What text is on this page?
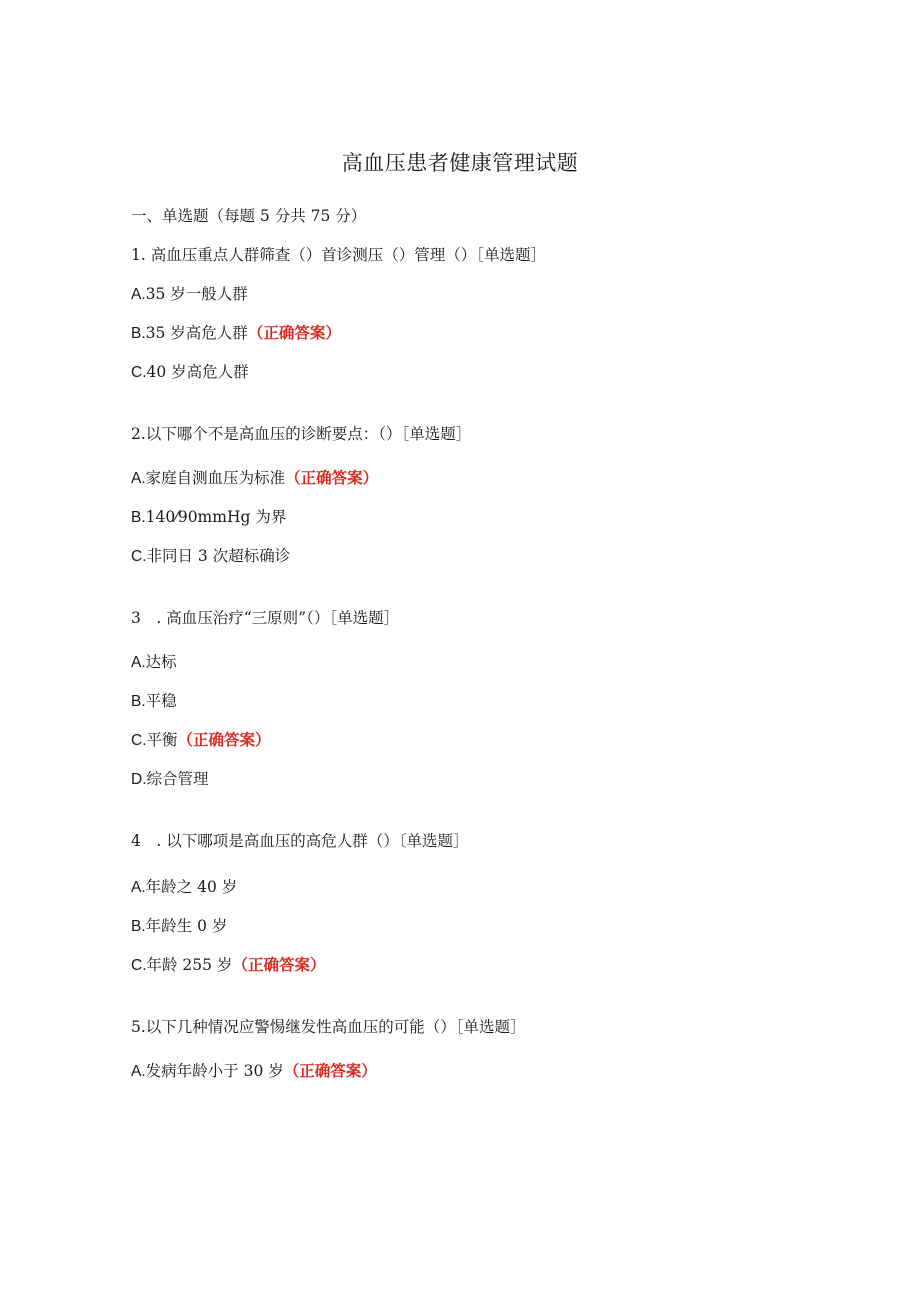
高血压患者健康管理试题
一、单选题（每题 5 分共 75 分）
1. 高血压重点人群筛查（）首诊测压（）管理（）［单选题］
A.35 岁一般人群
B.35 岁高危人群（正确答案）
C.40 岁高危人群
2.以下哪个不是高血压的诊断要点：（）［单选题］
A.家庭自测血压为标准（正确答案）
B.140⁄90mmHg 为界
C.非同日 3 次超标确诊
3　. 高血压治疗“三原则”（）［单选题］
A.达标
B.平稳
C.平衡（正确答案）
D.综合管理
4　. 以下哪项是高血压的高危人群（）〔单选题］
A.年龄之 40 岁
B.年龄生 0 岁
C.年龄 255 岁（正确答案）
5.以下几种情况应警惕继发性高血压的可能（）［单选题］
A.发病年龄小于 30 岁（正确答案）
